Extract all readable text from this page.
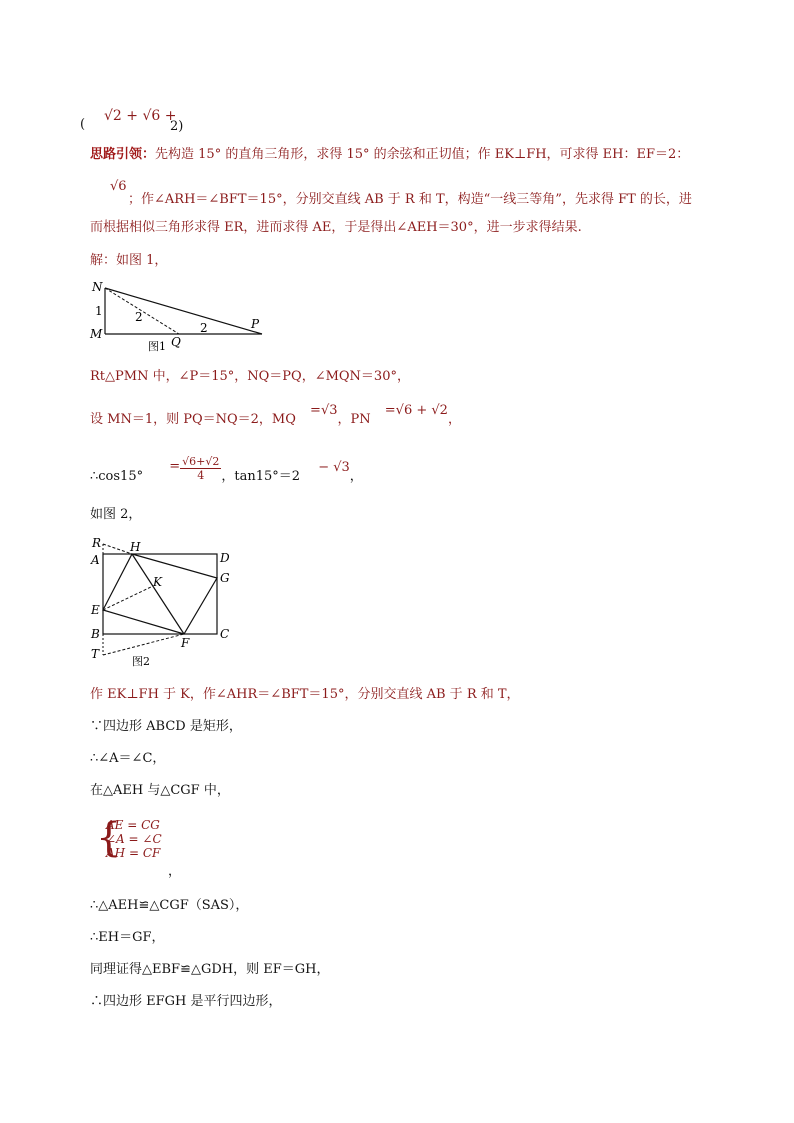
(
√2 + √6 +
2)
思路引领：先构造 15° 的直角三角形，求得 15° 的余弦和正切值；作 EK⊥FH，可求得 EH：EF＝2：
√6
；作∠ARH＝∠BFT＝15°，分别交直线 AB 于 R 和 T，构造“一线三等角”，先求得 FT 的长，进
而根据相似三角形求得 ER，进而求得 AE，于是得出∠AEH＝30°，进一步求得结果.
解：如图 1，
N
M
Q
P
1	2
2
图1
Rt△PMN 中，∠P＝15°，NQ＝PQ，∠MQN＝30°，
设 MN＝1，则 PQ＝NQ＝2，MQ =√3，PN =√6 + √2，
∴cos15° = $\frac{√6+√2}{4}$ ，tan15°＝2 − √3，
如图 2，
R H
D
A
G
K
E
B	C
F
T
图2
作 EK⊥FH 于 K，作∠AHR＝∠BFT＝15°，分别交直线 AB 于 R 和 T，
∵四边形 ABCD 是矩形，
∴∠A＝∠C，
在△AEH 与△CGF 中，
{
AE = CG
∠A = ∠C
AH = CF
，
∴△AEH≌△CGF（SAS），
∴EH＝GF，
同理证得△EBF≌△GDH，则 EF＝GH，
∴四边形 EFGH 是平行四边形，
